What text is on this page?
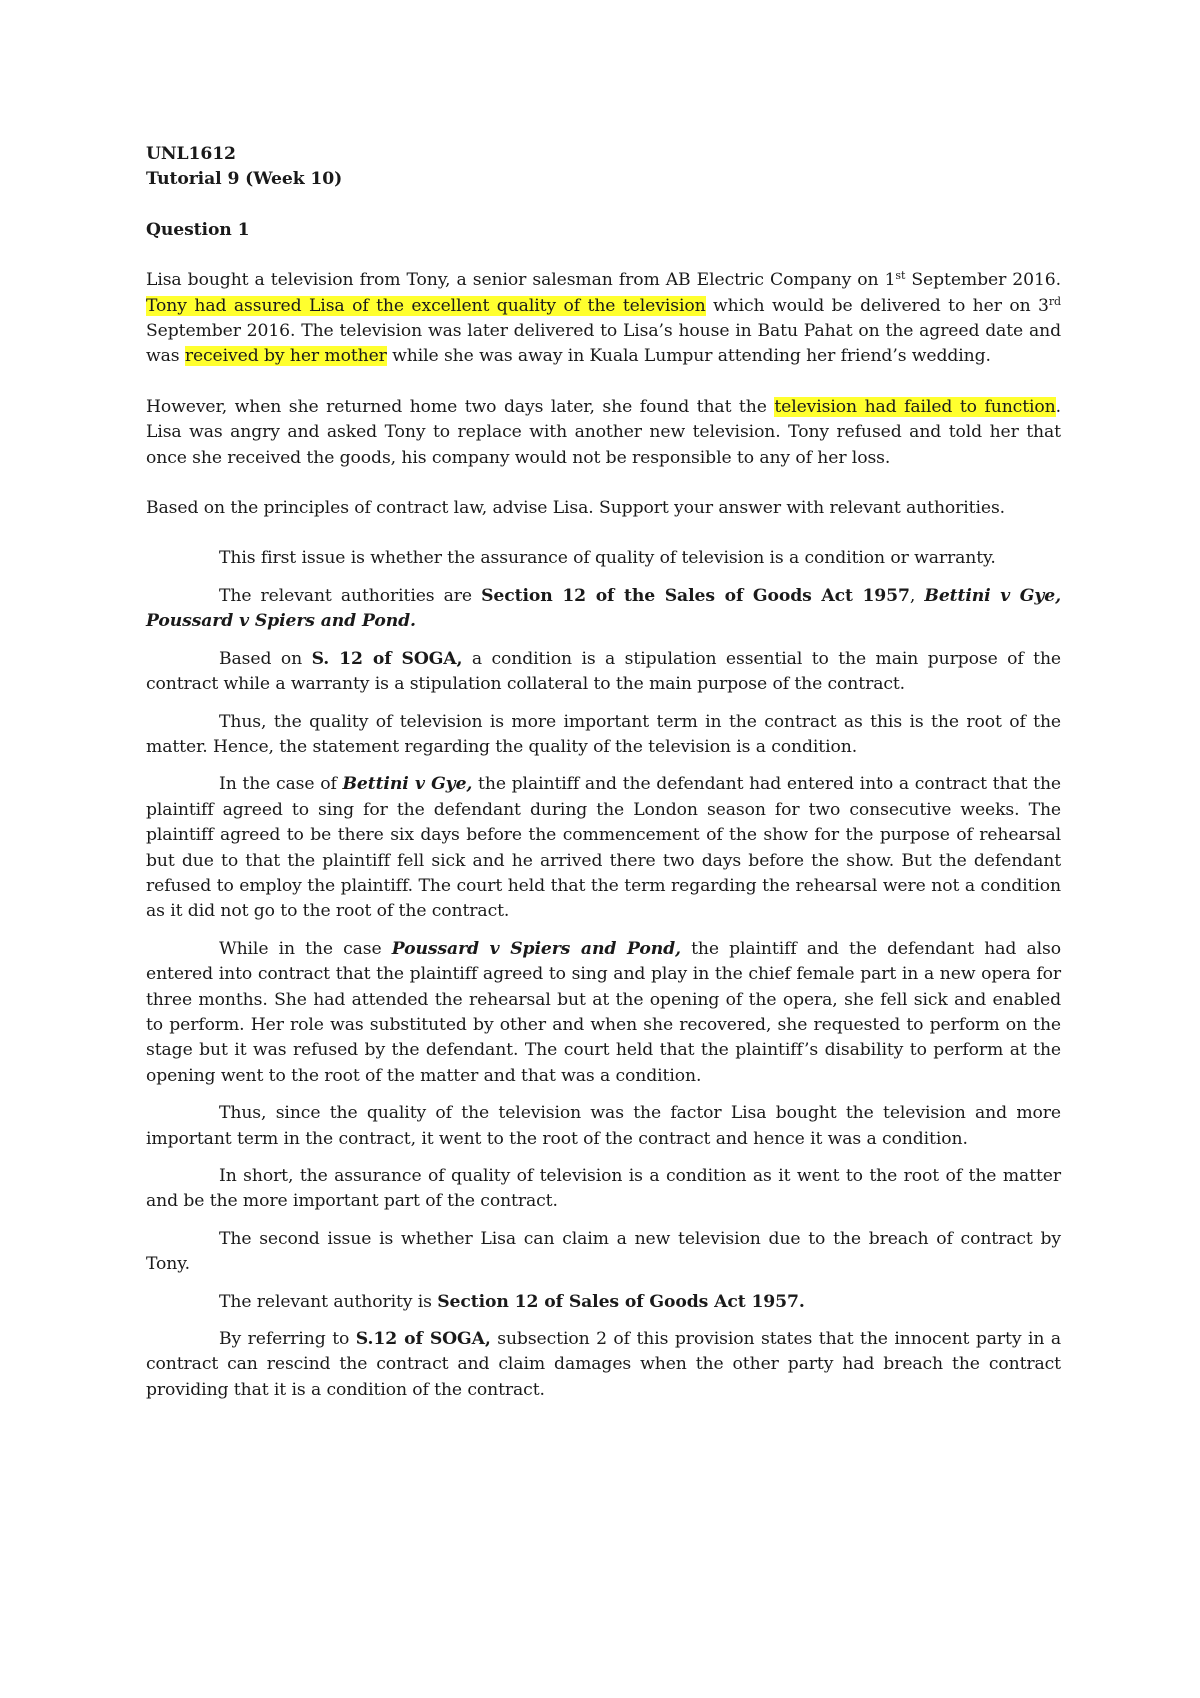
UNL1612

Tutorial 9 (Week 10)

Question 1

Lisa bought a television from Tony, a senior salesman from AB Electric Company on 1st September 2016. Tony had assured Lisa of the excellent quality of the television which would be delivered to her on 3rd September 2016. The television was later delivered to Lisa’s house in Batu Pahat on the agreed date and was received by her mother while she was away in Kuala Lumpur attending her friend’s wedding.

However, when she returned home two days later, she found that the television had failed to function. Lisa was angry and asked Tony to replace with another new television. Tony refused and told her that once she received the goods, his company would not be responsible to any of her loss.

Based on the principles of contract law, advise Lisa. Support your answer with relevant authorities.

This first issue is whether the assurance of quality of television is a condition or warranty.

The relevant authorities are Section 12 of the Sales of Goods Act 1957, Bettini v Gye, Poussard v Spiers and Pond.

Based on S. 12 of SOGA, a condition is a stipulation essential to the main purpose of the contract while a warranty is a stipulation collateral to the main purpose of the contract.

Thus, the quality of television is more important term in the contract as this is the root of the matter. Hence, the statement regarding the quality of the television is a condition.

In the case of Bettini v Gye, the plaintiff and the defendant had entered into a contract that the plaintiff agreed to sing for the defendant during the London season for two consecutive weeks. The plaintiff agreed to be there six days before the commencement of the show for the purpose of rehearsal but due to that the plaintiff fell sick and he arrived there two days before the show. But the defendant refused to employ the plaintiff. The court held that the term regarding the rehearsal were not a condition as it did not go to the root of the contract.

While in the case Poussard v Spiers and Pond, the plaintiff and the defendant had also entered into contract that the plaintiff agreed to sing and play in the chief female part in a new opera for three months. She had attended the rehearsal but at the opening of the opera, she fell sick and enabled to perform. Her role was substituted by other and when she recovered, she requested to perform on the stage but it was refused by the defendant. The court held that the plaintiff’s disability to perform at the opening went to the root of the matter and that was a condition.

Thus, since the quality of the television was the factor Lisa bought the television and more important term in the contract, it went to the root of the contract and hence it was a condition.

In short, the assurance of quality of television is a condition as it went to the root of the matter and be the more important part of the contract.

The second issue is whether Lisa can claim a new television due to the breach of contract by Tony.

The relevant authority is Section 12 of Sales of Goods Act 1957.

By referring to S.12 of SOGA, subsection 2 of this provision states that the innocent party in a contract can rescind the contract and claim damages when the other party had breach the contract providing that it is a condition of the contract.
